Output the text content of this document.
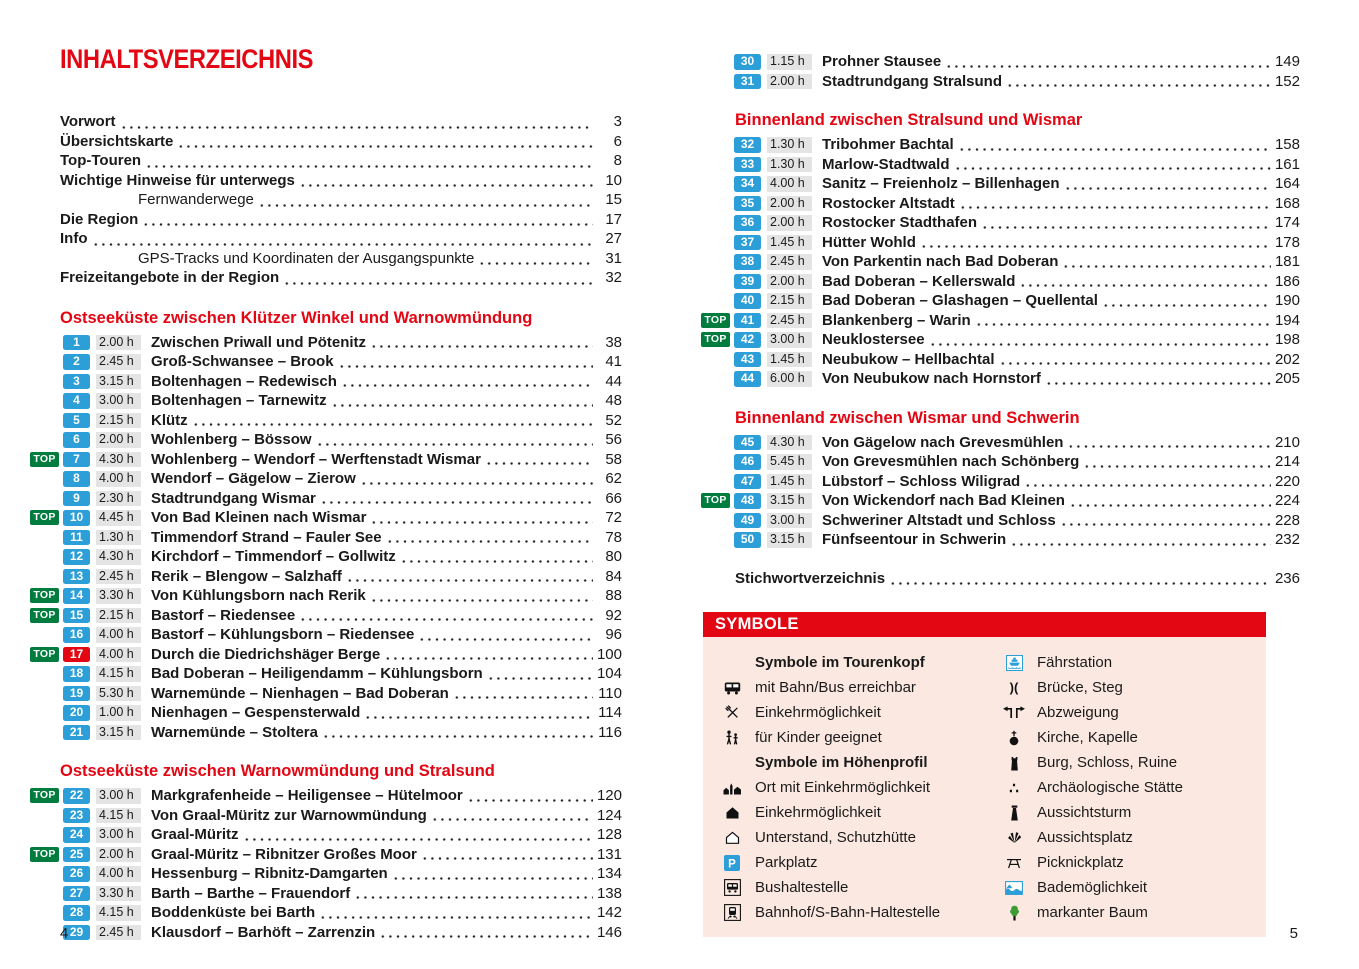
INHALTSVERZEICHNIS
Vorwort	3
Übersichtskarte	6
Top-Touren	8
Wichtige Hinweise für unterwegs	10
Fernwanderwege	15
Die Region	17
Info	27
GPS-Tracks und Koordinaten der Ausgangspunkte	31
Freizeitangebote in der Region	32
Ostseeküste zwischen Klützer Winkel und Warnowmündung
1	2.00 h	Zwischen Priwall und Pötenitz	38
2	2.45 h	Groß-Schwansee – Brook	41
3	3.15 h	Boltenhagen – Redewisch	44
4	3.00 h	Boltenhagen – Tarnewitz	48
5	2.15 h	Klütz	52
6	2.00 h	Wohlenberg – Bössow	56
TOP	7	4.30 h	Wohlenberg – Wendorf – Werftenstadt Wismar	58
8	4.00 h	Wendorf – Gägelow – Zierow	62
9	2.30 h	Stadtrundgang Wismar	66
TOP	10	4.45 h	Von Bad Kleinen nach Wismar	72
11	1.30 h	Timmendorf Strand – Fauler See	78
12	4.30 h	Kirchdorf – Timmendorf – Gollwitz	80
13	2.45 h	Rerik – Blengow – Salzhaff	84
TOP	14	3.30 h	Von Kühlungsborn nach Rerik	88
TOP	15	2.15 h	Bastorf – Riedensee	92
16	4.00 h	Bastorf – Kühlungsborn – Riedensee	96
TOP	17	4.00 h	Durch die Diedrichshäger Berge	100
18	4.15 h	Bad Doberan – Heiligendamm – Kühlungsborn	104
19	5.30 h	Warnemünde – Nienhagen – Bad Doberan	110
20	1.00 h	Nienhagen – Gespensterwald	114
21	3.15 h	Warnemünde – Stoltera	116
Ostseeküste zwischen Warnowmündung und Stralsund
TOP	22	3.00 h	Markgrafenheide – Heiligensee – Hütelmoor	120
23	4.15 h	Von Graal-Müritz zur Warnowmündung	124
24	3.00 h	Graal-Müritz	128
TOP	25	2.00 h	Graal-Müritz – Ribnitzer Großes Moor	131
26	4.00 h	Hessenburg – Ribnitz-Damgarten	134
27	3.30 h	Barth – Barthe – Frauendorf	138
28	4.15 h	Boddenküste bei Barth	142
29	2.45 h	Klausdorf – Barhöft – Zarrenzin	146
30	1.15 h	Prohner Stausee	149
31	2.00 h	Stadtrundgang Stralsund	152
Binnenland zwischen Stralsund und Wismar
32	1.30 h	Tribohmer Bachtal	158
33	1.30 h	Marlow-Stadtwald	161
34	4.00 h	Sanitz – Freienholz – Billenhagen	164
35	2.00 h	Rostocker Altstadt	168
36	2.00 h	Rostocker Stadthafen	174
37	1.45 h	Hütter Wohld	178
38	2.45 h	Von Parkentin nach Bad Doberan	181
39	2.00 h	Bad Doberan – Kellerswald	186
40	2.15 h	Bad Doberan – Glashagen – Quellental	190
TOP	41	2.45 h	Blankenberg – Warin	194
TOP	42	3.00 h	Neuklostersee	198
43	1.45 h	Neubukow – Hellbachtal	202
44	6.00 h	Von Neubukow nach Hornstorf	205
Binnenland zwischen Wismar und Schwerin
45	4.30 h	Von Gägelow nach Grevesmühlen	210
46	5.45 h	Von Grevesmühlen nach Schönberg	214
47	1.45 h	Lübstorf – Schloss Wiligrad	220
TOP	48	3.15 h	Von Wickendorf nach Bad Kleinen	224
49	3.00 h	Schweriner Altstadt und Schloss	228
50	3.15 h	Fünfseentour in Schwerin	232
Stichwortverzeichnis	236
SYMBOLE
Symbole im Tourenkopf
mit Bahn/Bus erreichbar
Einkehrmöglichkeit
für Kinder geeignet
Symbole im Höhenprofil
Ort mit Einkehrmöglichkeit
Einkehrmöglichkeit
Unterstand, Schutzhütte
P Parkplatz
Bushaltestelle
Bahnhof/S-Bahn-Haltestelle
Fährstation
)( Brücke, Steg
Abzweigung
Kirche, Kapelle
Burg, Schloss, Ruine
∴ Archäologische Stätte
Aussichtsturm
Aussichtsplatz
Picknickplatz
Bademöglichkeit
markanter Baum
4	5
